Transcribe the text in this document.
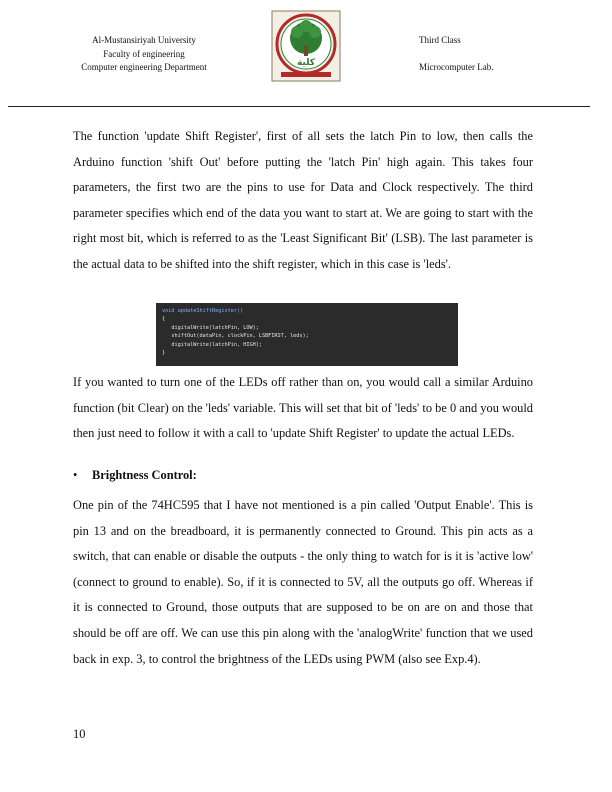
Al-Mustansiriyah University
Faculty of engineering
Computer engineering Department	كلية
Third Class
Microcomputer Lab.

The function 'update Shift Register', first of all sets the latch Pin to low, then calls the Arduino function 'shift Out' before putting the 'latch Pin' high again. This takes four parameters, the first two are the pins to use for Data and Clock respectively. The third parameter specifies which end of the data you want to start at. We are going to start with the right most bit, which is referred to as the 'Least Significant Bit' (LSB). The last parameter is the actual data to be shifted into the shift register, which in this case is 'leds'.

void updateShiftRegister()
{
digitalWrite(latchPin, LOW);
shiftOut(dataPin, clockPin, LSBFIRST, leds);
digitalWrite(latchPin, HIGH);
}

If you wanted to turn one of the LEDs off rather than on, you would call a similar Arduino function (bit Clear) on the 'leds' variable. This will set that bit of 'leds' to be 0 and you would then just need to follow it with a call to 'update Shift Register' to update the actual LEDs.

• Brightness Control:

One pin of the 74HC595 that I have not mentioned is a pin called 'Output Enable'. This is pin 13 and on the breadboard, it is permanently connected to Ground. This pin acts as a switch, that can enable or disable the outputs - the only thing to watch for is it is 'active low' (connect to ground to enable). So, if it is connected to 5V, all the outputs go off. Whereas if it is connected to Ground, those outputs that are supposed to be on are on and those that should be off are off. We can use this pin along with the 'analogWrite' function that we used back in exp. 3, to control the brightness of the LEDs using PWM (also see Exp.4).

10
